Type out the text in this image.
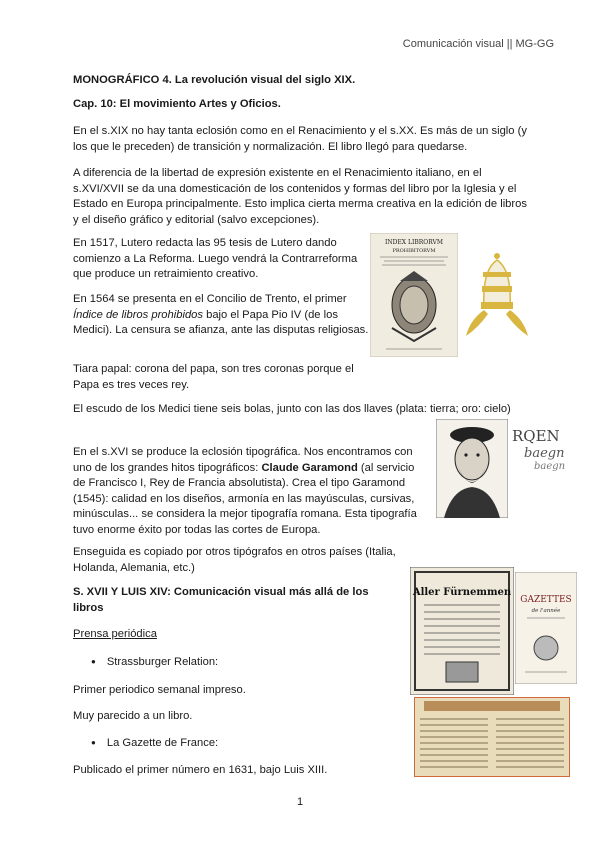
Comunicación visual || MG-GG

MONOGRÁFICO 4. La revolución visual del siglo XIX.

Cap. 10: El movimiento Artes y Oficios.

En el s.XIX no hay tanta eclosión como en el Renacimiento y el s.XX. Es más de un siglo (y los que le preceden) de transición y normalización. El libro llegó para quedarse.

A diferencia de la libertad de expresión existente en el Renacimiento italiano, en el s.XVI/XVII se da una domesticación de los contenidos y formas del libro por la Iglesia y el Estado en Europa principalmente. Esto implica cierta merma creativa en la edición de libros y el diseño gráfico y editorial (salvo excepciones).

En 1517, Lutero redacta las 95 tesis de Lutero dando comienzo a La Reforma. Luego vendrá la Contrarreforma que produce un retraimiento creativo.

En 1564 se presenta en el Concilio de Trento, el primer
Índice de libros prohibidos bajo el Papa Pio IV (de los Medici). La censura se afianza, ante las disputas religiosas.

Tiara papal: corona del papa, son tres coronas porque el Papa es tres veces rey.

El escudo de los Medici tiene seis bolas, junto con las dos llaves (plata: tierra; oro: cielo)

En el s.XVI se produce la eclosión tipográfica. Nos encontramos con uno de los grandes hitos tipográficos: Claude Garamond (al servicio de Francisco I, Rey de Francia absolutista). Crea el tipo Garamond (1545): calidad en los diseños, armonía en las mayúsculas, cursivas, minúsculas... se considera la mejor tipografía romana. Esta tipografía tuvo enorme éxito por todas las cortes de Europa.

Enseguida es copiado por otros tipógrafos en otros países (Italia, Holanda, Alemania, etc.)

S. XVII Y LUIS XIV: Comunicación visual más allá de los libros

Prensa periódica

● Strassburger Relation:

Primer periodico semanal impreso.

Muy parecido a un libro.

● La Gazette de France:

Publicado el primer número en 1631, bajo Luis XIII.

INDEX LIBRORVM
PROHIBITORVM
RQEN
baegn
baegn
Aller Fürnemmen
GAZETTES
de l'année
1
